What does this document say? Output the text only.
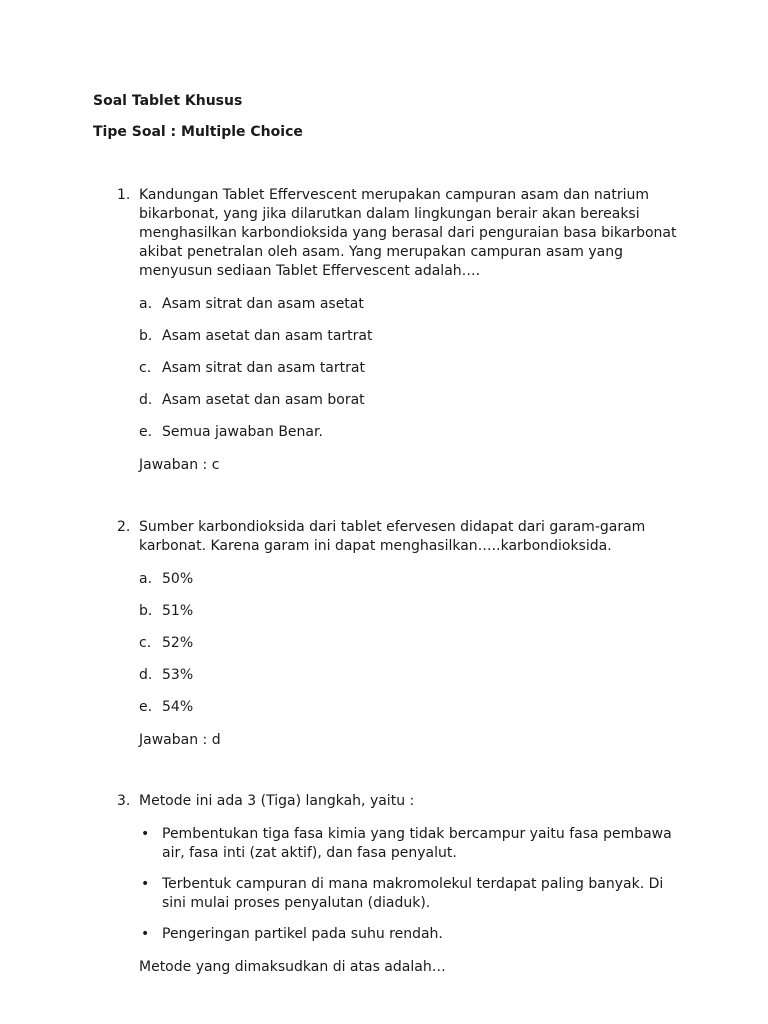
Soal Tablet Khusus
Tipe Soal : Multiple Choice
1. Kandungan Tablet Effervescent merupakan campuran asam dan natrium bikarbonat, yang jika dilarutkan dalam lingkungan berair akan bereaksi menghasilkan karbondioksida yang berasal dari penguraian basa bikarbonat akibat penetralan oleh asam. Yang merupakan campuran asam yang menyusun sediaan Tablet Effervescent adalah….
a. Asam sitrat dan asam asetat
b. Asam asetat dan asam tartrat
c. Asam sitrat dan asam tartrat
d. Asam asetat dan asam borat
e. Semua jawaban Benar.
Jawaban : c
2. Sumber karbondioksida dari tablet efervesen didapat dari garam-garam karbonat. Karena garam ini dapat menghasilkan…..karbondioksida.
a. 50%
b. 51%
c. 52%
d. 53%
e. 54%
Jawaban : d
3. Metode ini ada 3 (Tiga) langkah, yaitu :
• Pembentukan tiga fasa kimia yang tidak bercampur yaitu fasa pembawa air, fasa inti (zat aktif), dan fasa penyalut.
• Terbentuk campuran di mana makromolekul terdapat paling banyak. Di sini mulai proses penyalutan (diaduk).
• Pengeringan partikel pada suhu rendah.
Metode yang dimaksudkan di atas adalah…
